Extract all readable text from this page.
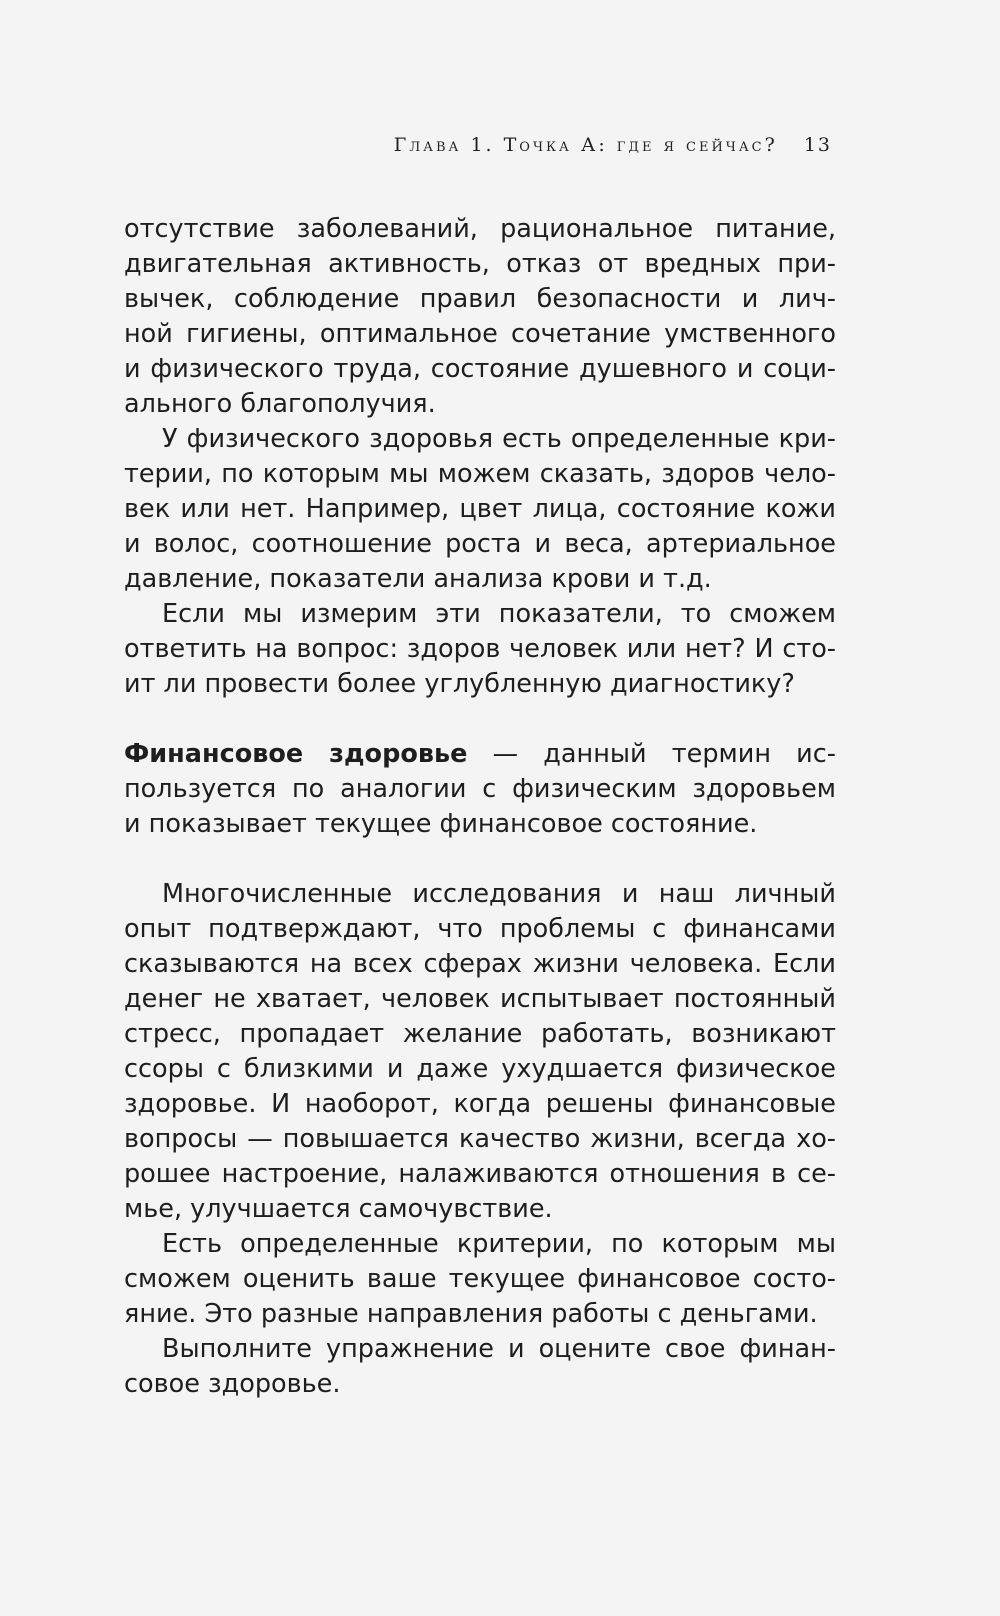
Глава 1. Точка А: где я сейчас? 13
отсутствие заболеваний, рациональное питание,
двигательная активность, отказ от вредных при-
вычек, соблюдение правил безопасности и лич-
ной гигиены, оптимальное сочетание умственного
и физического труда, состояние душевного и соци-
ального благополучия.
У физического здоровья есть определенные кри-
терии, по которым мы можем сказать, здоров чело-
век или нет. Например, цвет лица, состояние кожи
и волос, соотношение роста и веса, артериальное
давление, показатели анализа крови и т.д.
Если мы измерим эти показатели, то сможем
ответить на вопрос: здоров человек или нет? И сто-
ит ли провести более углубленную диагностику?
Финансовое здоровье — данный термин ис-
пользуется по аналогии с физическим здоровьем
и показывает текущее финансовое состояние.
Многочисленные исследования и наш личный
опыт подтверждают, что проблемы с финансами
сказываются на всех сферах жизни человека. Если
денег не хватает, человек испытывает постоянный
стресс, пропадает желание работать, возникают
ссоры с близкими и даже ухудшается физическое
здоровье. И наоборот, когда решены финансовые
вопросы — повышается качество жизни, всегда хо-
рошее настроение, налаживаются отношения в се-
мье, улучшается самочувствие.
Есть определенные критерии, по которым мы
сможем оценить ваше текущее финансовое состо-
яние. Это разные направления работы с деньгами.
Выполните упражнение и оцените свое финан-
совое здоровье.
